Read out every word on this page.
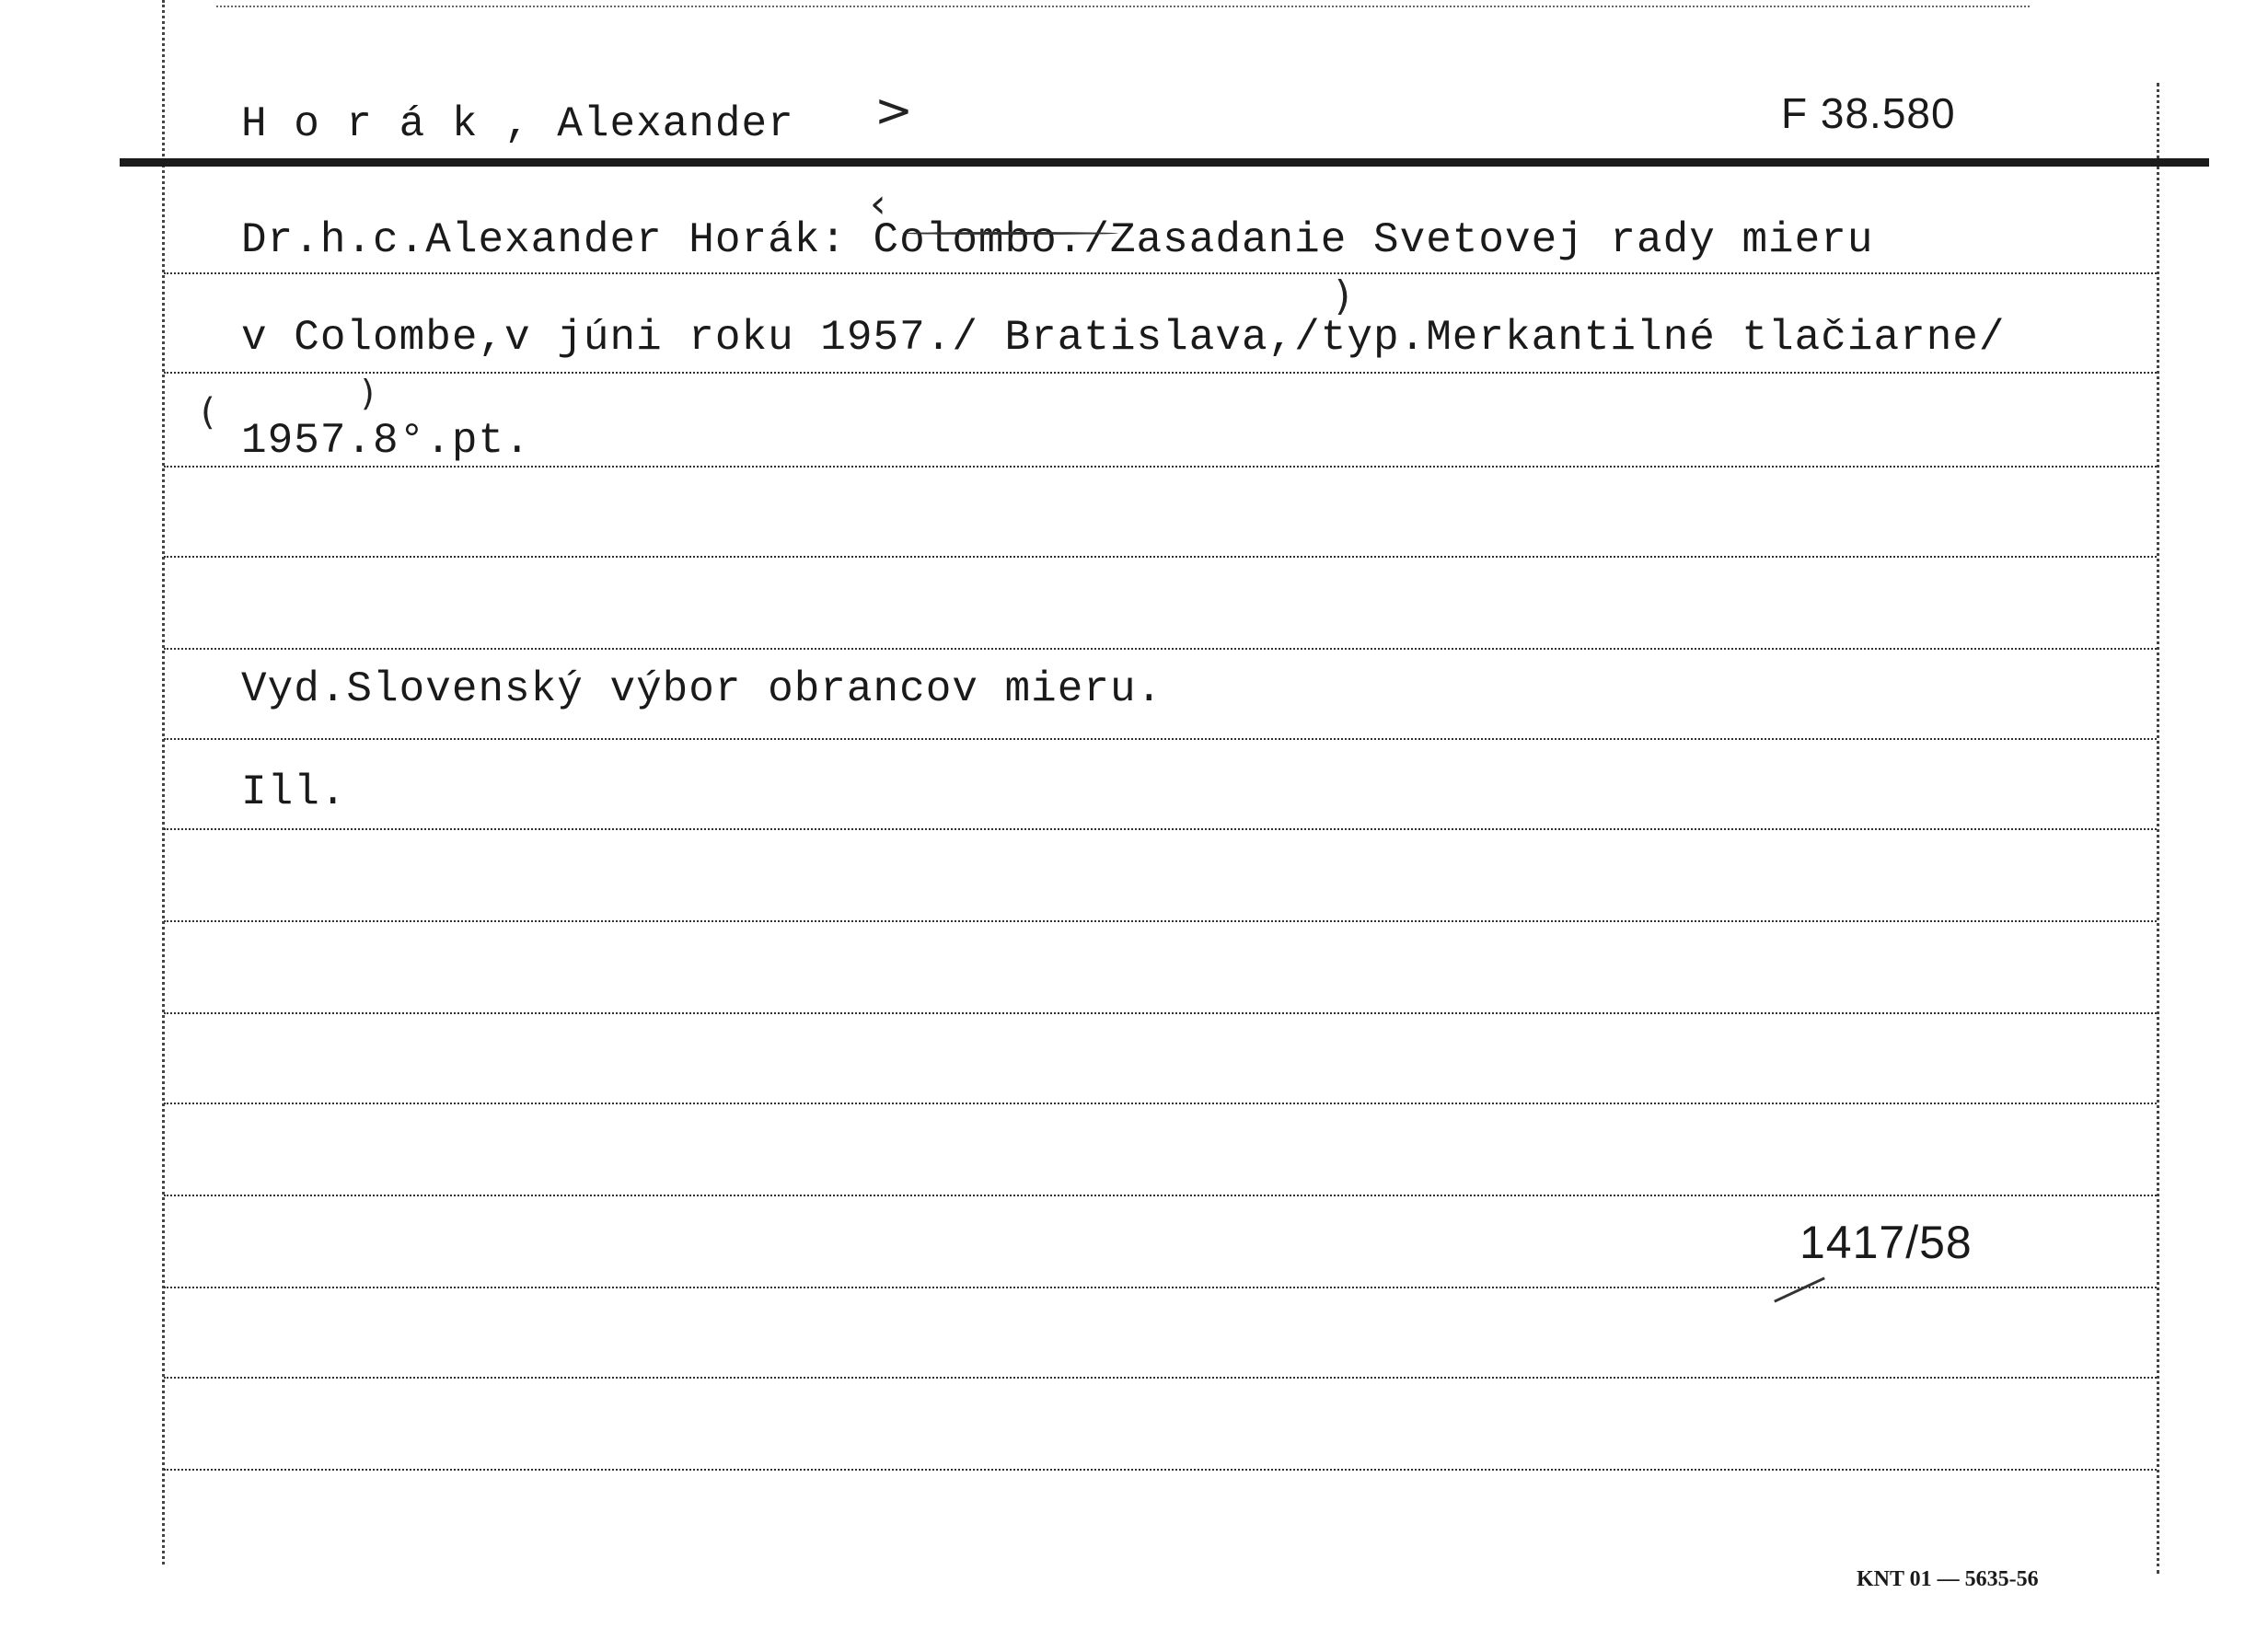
H o r á k , Alexander >	F 38.580
Dr.h.c.Alexander Horák: Colombo./Zasadanie Svetovej rady mieru
v Colombe,v júni roku 1957./ Bratislava,/typ.Merkantilné tlačiarne/
1957.8°.pt.
‹
)
(	)
Vyd.Slovenský výbor obrancov mieru.
Ill.
1417/58
KNT 01 — 5635-56
